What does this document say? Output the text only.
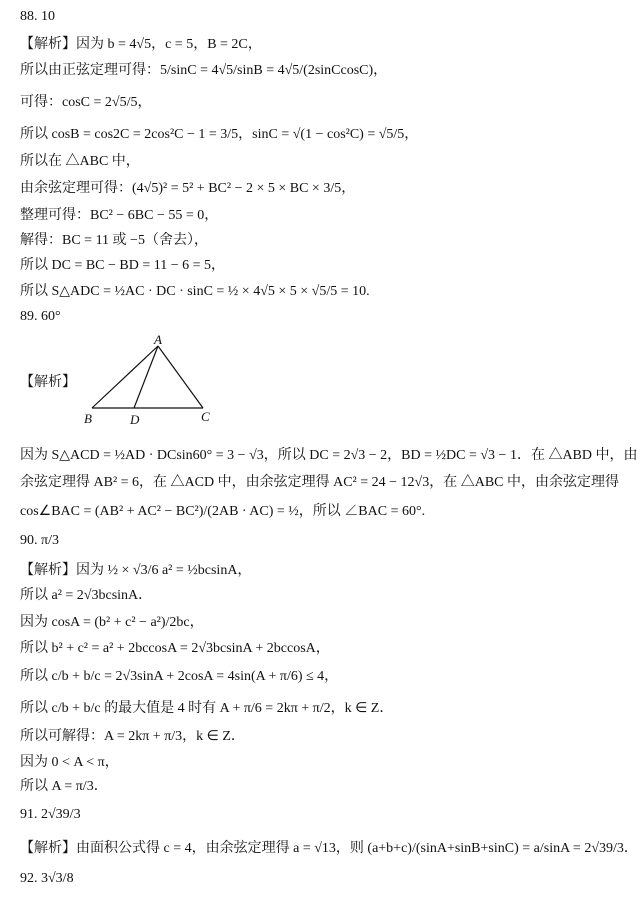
88. 10
【解析】因为 b = 4√5，c = 5，B = 2C，
所以由正弦定理可得：5/sinC = 4√5/sinB = 4√5/(2sinCcosC)，
可得：cosC = 2√5/5，
所以 cosB = cos2C = 2cos²C − 1 = 3/5，sinC = √(1 − cos²C) = √5/5，
所以在 △ABC 中，
由余弦定理可得：(4√5)² = 5² + BC² − 2 × 5 × BC × 3/5，
整理可得：BC² − 6BC − 55 = 0，
解得：BC = 11 或 −5（舍去），
所以 DC = BC − BD = 11 − 6 = 5，
所以 S△ADC = ½AC · DC · sinC = ½ × 4√5 × 5 × √5/5 = 10.
89. 60°
A
B	D	C
【解析】
因为 S△ACD = ½AD · DCsin60° = 3 − √3，所以 DC = 2√3 − 2，BD = ½DC = √3 − 1．在 △ABD 中，由
余弦定理得 AB² = 6，在 △ACD 中，由余弦定理得 AC² = 24 − 12√3，在 △ABC 中，由余弦定理得
cos∠BAC = (AB² + AC² − BC²)/(2AB · AC) = ½，所以 ∠BAC = 60°.
90. π/3
【解析】因为 ½ × √3/6 a² = ½bcsinA，
所以 a² = 2√3bcsinA．
因为 cosA = (b² + c² − a²)/2bc，
所以 b² + c² = a² + 2bccosA = 2√3bcsinA + 2bccosA，
所以 c/b + b/c = 2√3sinA + 2cosA = 4sin(A + π/6) ≤ 4，
所以 c/b + b/c 的最大值是 4 时有 A + π/6 = 2kπ + π/2，k ∈ Z．
所以可解得：A = 2kπ + π/3，k ∈ Z．
因为 0 < A < π，
所以 A = π/3．
91. 2√39/3
【解析】由面积公式得 c = 4，由余弦定理得 a = √13，则 (a+b+c)/(sinA+sinB+sinC) = a/sinA = 2√39/3．
92. 3√3/8
